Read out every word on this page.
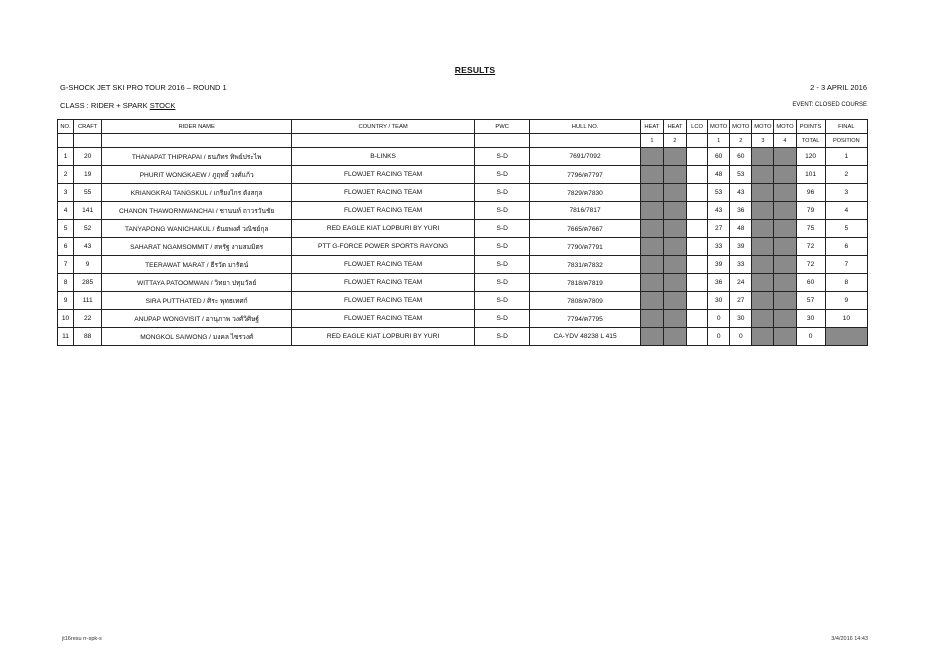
RESULTS
G-SHOCK JET SKI PRO TOUR 2016 – ROUND 1	2 - 3 APRIL 2016
CLASS : RIDER + SPARK STOCK	EVENT: CLOSED COURSE
NO.	CRAFT	RIDER NAME	COUNTRY / TEAM	PWC	HULL NO.	HEAT	HEAT	LCO	MOTO	MOTO	MOTO	MOTO	POINTS	FINAL
						1	2		1	2	3	4	TOTAL	POSITION
1	20	THANAPAT THIPRAPAI / ธนภัทร ทิพย์ประไพ	B-LINKS	S-D	7691/7092				60	60			120	1
2	19	PHURIT WONGKAEW / ภูฤทธิ์ วงศ์แก้ว	FLOWJET RACING TEAM	S-D	7796/ค7797				48	53			101	2
3	55	KRIANGKRAI TANGSKUL / เกรียงไกร ตังสกุล	FLOWJET RACING TEAM	S-D	7829/ค7830				53	43			96	3
4	141	CHANON THAWORNWANCHAI / ชานนท์ ถาวรวันชัย	FLOWJET RACING TEAM	S-D	7816/7817				43	36			79	4
5	52	TANYAPONG WANICHAKUL / ธันยพงศ์ วณิชย์กุล	RED EAGLE KIAT LOPBURI BY YURI	S-D	7665/ค7667				27	48			75	5
6	43	SAHARAT NGAMSOMMIT / สหรัฐ งามสมมิตร	PTT G-FORCE POWER SPORTS RAYONG	S-D	7790/ค7791				33	39			72	6
7	9	TEERAWAT MARAT / ธีรวัต มารัตน์	FLOWJET RACING TEAM	S-D	7831/ค7832				39	33			72	7
8	285	WITTAYA PATOOMWAN / วิทยา ปทุมวัลย์	FLOWJET RACING TEAM	S-D	7818/ค7819				36	24			60	8
9	111	SIRA PUTTHATED / ศิระ พุทธเทศก์	FLOWJET RACING TEAM	S-D	7808/ค7809				30	27			57	9
10	22	ANUPAP WONGVISIT / อานุภาพ วงศ์วิศิษฐ์	FLOWJET RACING TEAM	S-D	7794/ค7795				0	30			30	10
11	88	MONGKOL SAIWONG / มงคล ไซรวงศ์	RED EAGLE KIAT LOPBURI BY YURI	S-D	CA-YDV 48238 L 415				0	0			0	
jt16resu rr-spk-s	3/4/2016 14:43
